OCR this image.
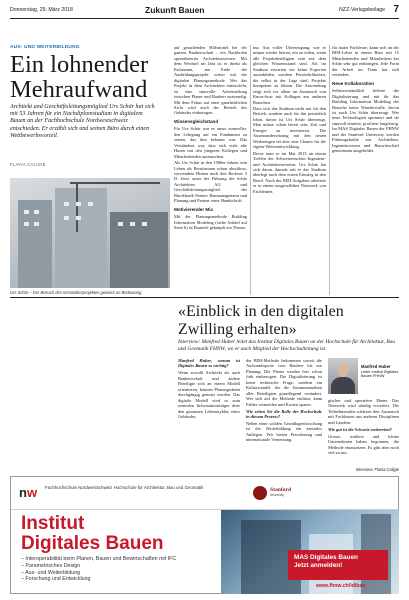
Donnerstag, 29. März 2018	Zukunft Bauen	NZZ-Verlagsbeilage 7
AUS- UND WEITERBILDUNG
Ein lohnender Mehraufwand
Architekt und Geschäftsleitungsmitglied Urs Schär hat sich mit 53 Jahren für ein Nachdiplomstudium in digitalem Bauen an der Fachhochschule Nordwestschweiz entschieden. Er erzählt sich und seinen Büro durch einen Wettbewerbsvorteil.
FLAVIA CALIGIE
Urs Schär – Der Besuch des Immobilienprojektes gewinnt an Bedeutung.

auf gestaltenden Hilfsmittel bei der ganzen Bauherrschaft – ein Nachholen spezialisierter Architekturwissen. Mit dem Wechsel im Jahr ist er direkt als Fachmann, am Ende der Ausbildungsprojekt weiter mit der digitalen Planungsmethode. Wer das Projekt in dem Architekten entwickeln, ist eine sinnvolle Arbeitsteilung zwischen Planer und Bauherr notwendig. Mit dem Fokus auf einer ganzheitlichen Sicht wird auch der Betrieb des Gebäudes einbezogen.

Wissensgleichstand

Für Urs Schär war es umso sinnvoller, den Lehrgang auf ein Fundament zu setzen, das ihm bekannt war. Das Verständnis war, dass sich viele alte Hasen mit den jüngeren Kollegen und Mitarbeitenden austauschen.

Als Urs Schär in den 1980er-Jahren sein Leben als Berufsmann schon abschloss, verwendete Hinten noch den Rechner 3 D. Jetzt, unter der Führung der Schär Architekten AG und Geschäftsleitungsmitglied der Burckhardt Partner Baumanagement und Planung und Partner einer Handschrift.

Motivierender Mix

Mit der Planungsmethode Building Information Modeling (siehe Artikel auf Seite 6) ist Bauteile geknüpft ein Thema.

nur. Aus voller Überzeugung, wie er immer wieder betont, ein zu teilen, wenn alle Projektbeteiligten sein seit dem gleichen Wissensstand sind. Als im Studium erwarten wir keine Experten auszubilden, sondern Persönlichkeiten, die selbst in der Lage sind, Projekte kompetent zu führen. Die Anwendung zeigt sich vor allem im Austausch von Know-how mit Kollegen aus anderen Branchen.

Dass sich das Studium nicht nur für den Betrieb, sondern auch für ihn persönlich lohnt, davon ist Urs Schär überzeugt. Man müsse schon bereit sein, Zeit und Energie zu investieren. Die Auseinandersetzung mit den neuen Werkzeugen sei aber eine Chance für die eigene Weiterentwicklung.

Bevor man er im Mai 2015 an einem Treffen der Schweizerischen Ingenieur- und Architektenvereins. Urs Schär hat sich daran, damals sah er das Studium überlegt nach dem ersten Einstieg in den Beruf. Nach der BIM Aufgaben arbeitete er in einem ausgewählten Netzwerk von Fachleuten.

für lauter Fachleute, kann sich an der BIM-Lehre in einem Büro mit 15 Mitarbeitenden und Mitarbeitern bei Schär sehr gut einbringen. Jede Form der Arbeit im Team hat sich verändert.

Neue Kollaboration

Selbstverständlich lieferte die Digitalisierung und mit ihr das Building Information Modeling der Branche keine Wunderwaffe, davon ist auch Urs Schär überzeugt. Wer neue Technologien optimiert und sie sinnvoll einsetzt, profitiert langfristig. Im MAS Digitales Bauen der FHNW und der Stanford University werden Führungskräfte aus Architektur, Ingenieurwesen und Bauwirtschaft gemeinsam ausgebildet.

«Einblick in den digitalen Zwilling erhalten»
Interview: Manfred Huber leitet das Institut Digitales Bauen an der Hochschule für Architektur, Bau und Geomatik FHNW, wo er auch Mitglied der Hochschulleitung ist.

Manfred Huber, warum ist Digitales Bauen so wichtig?

Wenn sowohl Architekt als auch Bauherrschaft und andere Beteiligte sich an einem Modell orientieren, können Planungsdaten durchgängig genutzt werden. Das digitale Modell wird so zum zentralen Informationsträger über den gesamten Lebenszyklus eines Gebäudes.

der BIM-Methode bekommen soweit die Aufwandsquote vom Bauherr bis zur Planung. Die Planer werden hier schon früh einbezogen. Die Digitalisierung ist keine technische Frage, sondern ein Kulturwandel, der die Zusammenarbeit aller Beteiligten grundlegend verändert. Wer sich auf die Methode einlässt, kann Fehler vermeiden und Kosten sparen.

Wie sehen Sie die Rolle der Hochschule in diesem Prozess?

Neben einer soliden Grundlagenforschung ist die Weiterbildung ein zentrales Anliegen. Wir bieten Praxisbezug und internationale Vernetzung.

Manfred Huber
Leiter Institut Digitales Bauen FHNW

gischer und operativer Ebene. Das Netzwerk wird ständig erweitert. Die Teilnehmenden schätzen den Austausch mit Fachleuten aus anderen Disziplinen und Ländern.

Wie gut ist die Schweiz vorbereitet?

Grosse, mittlere und kleine Unternehmen haben begonnen, die Methode einzusetzen. Es gibt aber noch viel zu tun.

Interview: Flavia Caligie
nw Fachhochschule Nordwestschweiz Hochschule für Architektur, Bau und Geomatik	Stanford
University
Institut
Digitales Bauen
– Interoperabilität beim Planen, Bauen und Bewirtschaften mit IFC
– Parametrisches Design
– Aus- und Weiterbildung
– Forschung und Entwicklung
MAS Digitales Bauen
Jetzt anmelden!
www.fhnw.ch/idibau
